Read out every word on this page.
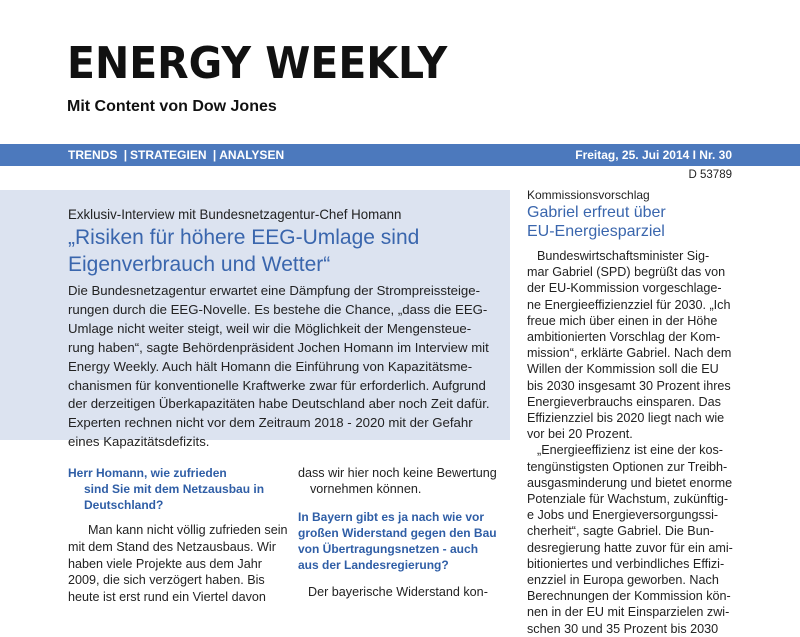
ENERGY WEEKLY
Mit Content von Dow Jones
TRENDS | STRATEGIEN | ANALYSEN	Freitag, 25. Jui 2014 I Nr. 30
D 53789
Exklusiv-Interview mit Bundesnetzagentur-Chef Homann
„Risiken für höhere EEG-Umlage sind
Eigenverbrauch und Wetter“
Die Bundesnetzagentur erwartet eine Dämpfung der Strompreissteige-
rungen durch die EEG-Novelle. Es bestehe die Chance, „dass die EEG-
Umlage nicht weiter steigt, weil wir die Möglichkeit der Mengensteue-
rung haben“, sagte Behördenpräsident Jochen Homann im Interview mit
Energy Weekly. Auch hält Homann die Einführung von Kapazitätsme-
chanismen für konventionelle Kraftwerke zwar für erforderlich. Aufgrund
der derzeitigen Überkapazitäten habe Deutschland aber noch Zeit dafür.
Experten rechnen nicht vor dem Zeitraum 2018 - 2020 mit der Gefahr
eines Kapazitätsdefizits.
Herr Homann, wie zufrieden
sind Sie mit dem Netzausbau in
Deutschland?
Man kann nicht völlig zufrieden sein
mit dem Stand des Netzausbaus. Wir
haben viele Projekte aus dem Jahr
2009, die sich verzögert haben. Bis
heute ist erst rund ein Viertel davon
dass wir hier noch keine Bewertung
vornehmen können.
In Bayern gibt es ja nach wie vor
großen Widerstand gegen den Bau
von Übertragungsnetzen - auch
aus der Landesregierung?
Der bayerische Widerstand kon-
Kommissionsvorschlag
Gabriel erfreut über
EU-Energiesparziel
Bundeswirtschaftsminister Sig-
mar Gabriel (SPD) begrüßt das von
der EU-Kommission vorgeschlage-
ne Energieeffizienzziel für 2030. „Ich
freue mich über einen in der Höhe
ambitionierten Vorschlag der Kom-
mission“, erklärte Gabriel. Nach dem
Willen der Kommission soll die EU
bis 2030 insgesamt 30 Prozent ihres
Energieverbrauchs einsparen. Das
Effizienzziel bis 2020 liegt nach wie
vor bei 20 Prozent.
„Energieeffizienz ist eine der kos-
tengünstigsten Optionen zur Treibh-
ausgasminderung und bietet enorme
Potenziale für Wachstum, zukünftig-
e Jobs und Energieversorgungssi-
cherheit“, sagte Gabriel. Die Bun-
desregierung hatte zuvor für ein ami-
bitioniertes und verbindliches Effizi-
enzziel in Europa geworben. Nach
Berechnungen der Kommission kön-
nen in der EU mit Einsparzielen zwi-
schen 30 und 35 Prozent bis 2030
